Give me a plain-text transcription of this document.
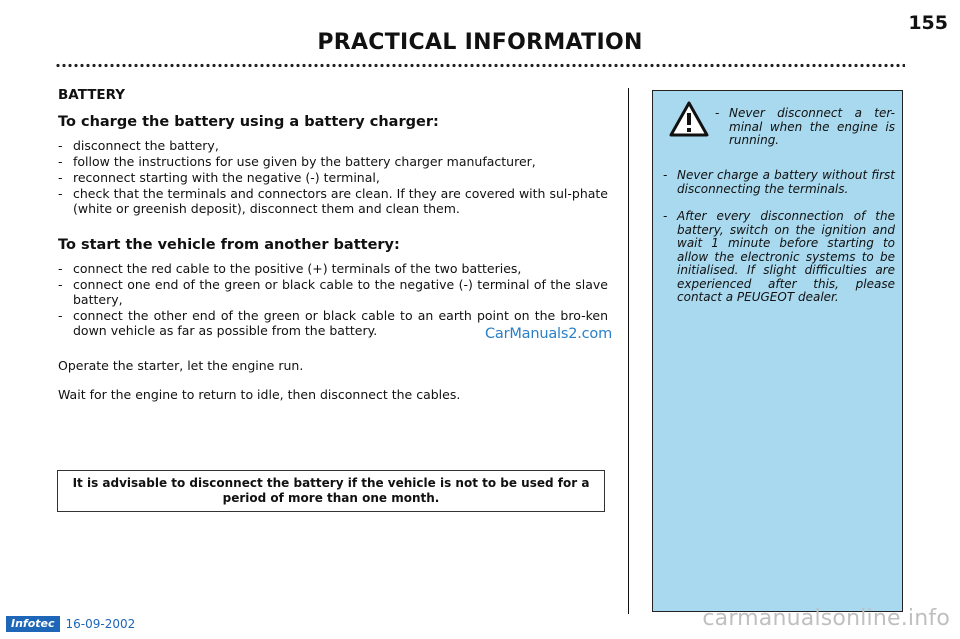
155
PRACTICAL INFORMATION
BATTERY
To charge the battery using a battery charger:
- disconnect the battery,
- follow the instructions for use given by the battery charger manufacturer,
- reconnect starting with the negative (-) terminal,
- check that the terminals and connectors are clean. If they are covered with sul-phate (white or greenish deposit), disconnect them and clean them.
To start the vehicle from another battery:
- connect the red cable to the positive (+) terminals of the two batteries,
- connect one end of the green or black cable to the negative (-) terminal of the slave battery,
- connect the other end of the green or black cable to an earth point on the bro-ken down vehicle as far as possible from the battery.

Operate the starter, let the engine run.

Wait for the engine to return to idle, then disconnect the cables.

CarManuals2.com
It is advisable to disconnect the battery if the vehicle is not to be used for a period of more than one month.
- Never disconnect a ter-minal when the engine is running.
- Never charge a battery without first disconnecting the terminals.
- After every disconnection of the battery, switch on the ignition and wait 1 minute before starting to allow the electronic systems to be initialised. If slight difficulties are experienced after this, please contact a PEUGEOT dealer.
Infotec 16-09-2002	carmanualsonline.info
